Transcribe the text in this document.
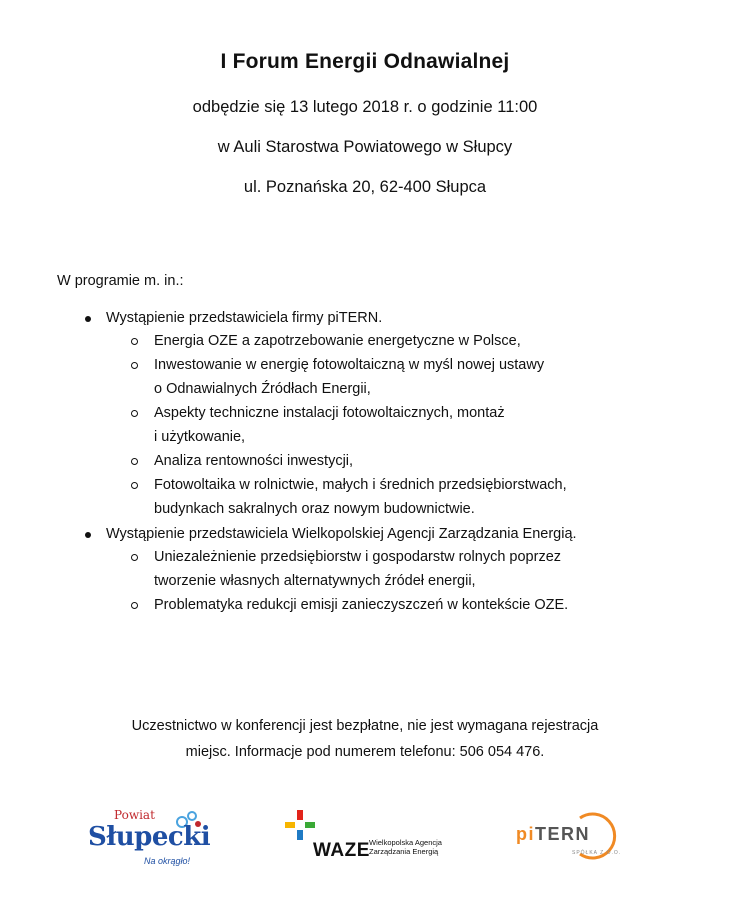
I Forum Energii Odnawialnej
odbędzie się 13 lutego 2018 r. o godzinie 11:00
w Auli Starostwa Powiatowego w Słupcy
ul. Poznańska 20, 62-400 Słupca
W programie m. in.:
Wystąpienie przedstawiciela firmy piTERN.
Energia OZE a zapotrzebowanie energetyczne w Polsce,
Inwestowanie w energię fotowoltaiczną w myśl nowej ustawy
o Odnawialnych Źródłach Energii,
Aspekty techniczne instalacji fotowoltaicznych, montaż
i użytkowanie,
Analiza rentowności inwestycji,
Fotowoltaika w rolnictwie, małych i średnich przedsiębiorstwach,
budynkach sakralnych oraz nowym budownictwie.
Wystąpienie przedstawiciela Wielkopolskiej Agencji Zarządzania Energią.
Uniezależnienie przedsiębiorstw i gospodarstw rolnych poprzez
tworzenie własnych alternatywnych źródeł energii,
Problematyka redukcji emisji zanieczyszczeń w kontekście OZE.
Uczestnictwo w konferencji jest bezpłatne, nie jest wymagana rejestracja
miejsc. Informacje pod numerem telefonu: 506 054 476.
Powiat
Słupecki
Na okrągło!	WAZE Wielkopolska Agencja
Zarządzania Energią
piTERN
SPÓŁKA Z O.O.
